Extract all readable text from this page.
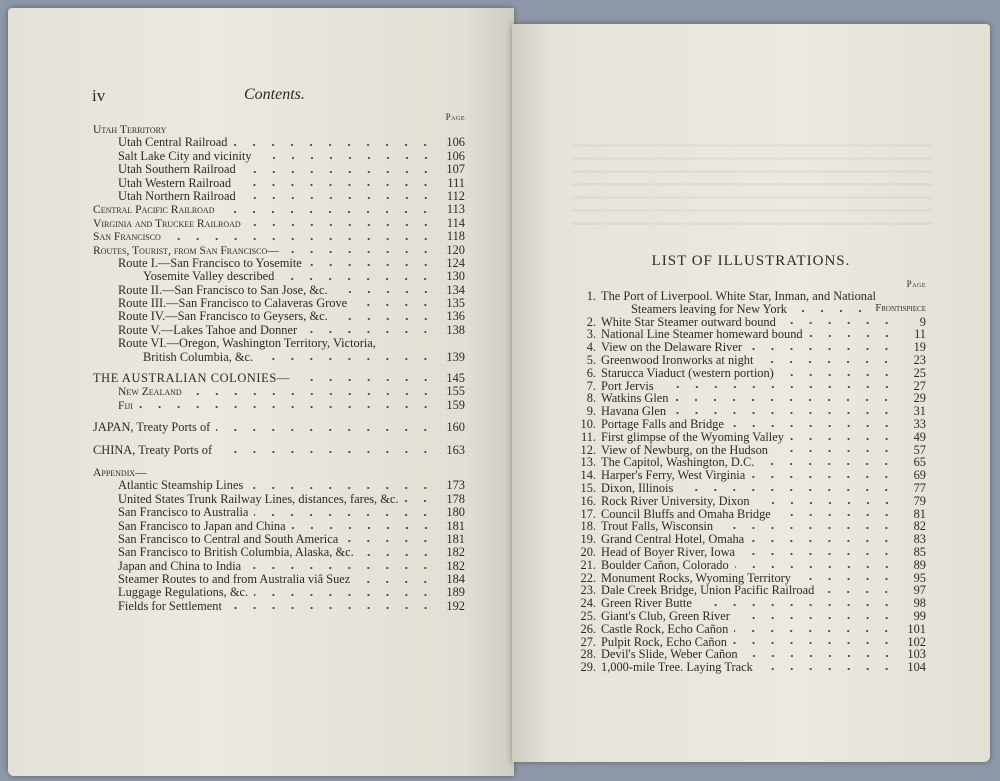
iv	Contents.
Page
Utah Territory
Utah Central Railroad	106
Salt Lake City and vicinity	106
Utah Southern Railroad	107
Utah Western Railroad	111
Utah Northern Railroad	112
Central Pacific Railroad	113
Virginia and Truckee Railroad	114
San Francisco	118
Routes, Tourist, from San Francisco—	120
Route I.—San Francisco to Yosemite	124
Yosemite Valley described	130
Route II.—San Francisco to San Jose, &c.	134
Route III.—San Francisco to Calaveras Grove	135
Route IV.—San Francisco to Geysers, &c.	136
Route V.—Lakes Tahoe and Donner	138
Route VI.—Oregon, Washington Territory, Victoria,
British Columbia, &c.	139
THE AUSTRALIAN COLONIES—	145
New Zealand	155
Fiji	159
JAPAN, Treaty Ports of	160
CHINA, Treaty Ports of	163
Appendix—
Atlantic Steamship Lines	173
United States Trunk Railway Lines, distances, fares, &c.	178
San Francisco to Australia	180
San Francisco to Japan and China	181
San Francisco to Central and South America	181
San Francisco to British Columbia, Alaska, &c.	182
Japan and China to India	182
Steamer Routes to and from Australia viâ Suez	184
Luggage Regulations, &c.	189
Fields for Settlement	192
LIST OF ILLUSTRATIONS.
Page
1. The Port of Liverpool. White Star, Inman, and National
Steamers leaving for New York	Frontispiece
2. White Star Steamer outward bound	9
3. National Line Steamer homeward bound	11
4. View on the Delaware River	19
5. Greenwood Ironworks at night	23
6. Starucca Viaduct (western portion)	25
7. Port Jervis	27
8. Watkins Glen	29
9. Havana Glen	31
10. Portage Falls and Bridge	33
11. First glimpse of the Wyoming Valley	49
12. View of Newburg, on the Hudson	57
13. The Capitol, Washington, D.C.	65
14. Harper's Ferry, West Virginia	69
15. Dixon, Illinois	77
16. Rock River University, Dixon	79
17. Council Bluffs and Omaha Bridge	81
18. Trout Falls, Wisconsin	82
19. Grand Central Hotel, Omaha	83
20. Head of Boyer River, Iowa	85
21. Boulder Cañon, Colorado	89
22. Monument Rocks, Wyoming Territory	95
23. Dale Creek Bridge, Union Pacific Railroad	97
24. Green River Butte	98
25. Giant's Club, Green River	99
26. Castle Rock, Echo Cañon	101
27. Pulpit Rock, Echo Cañon	102
28. Devil's Slide, Weber Cañon	103
29. 1,000-mile Tree. Laying Track	104
